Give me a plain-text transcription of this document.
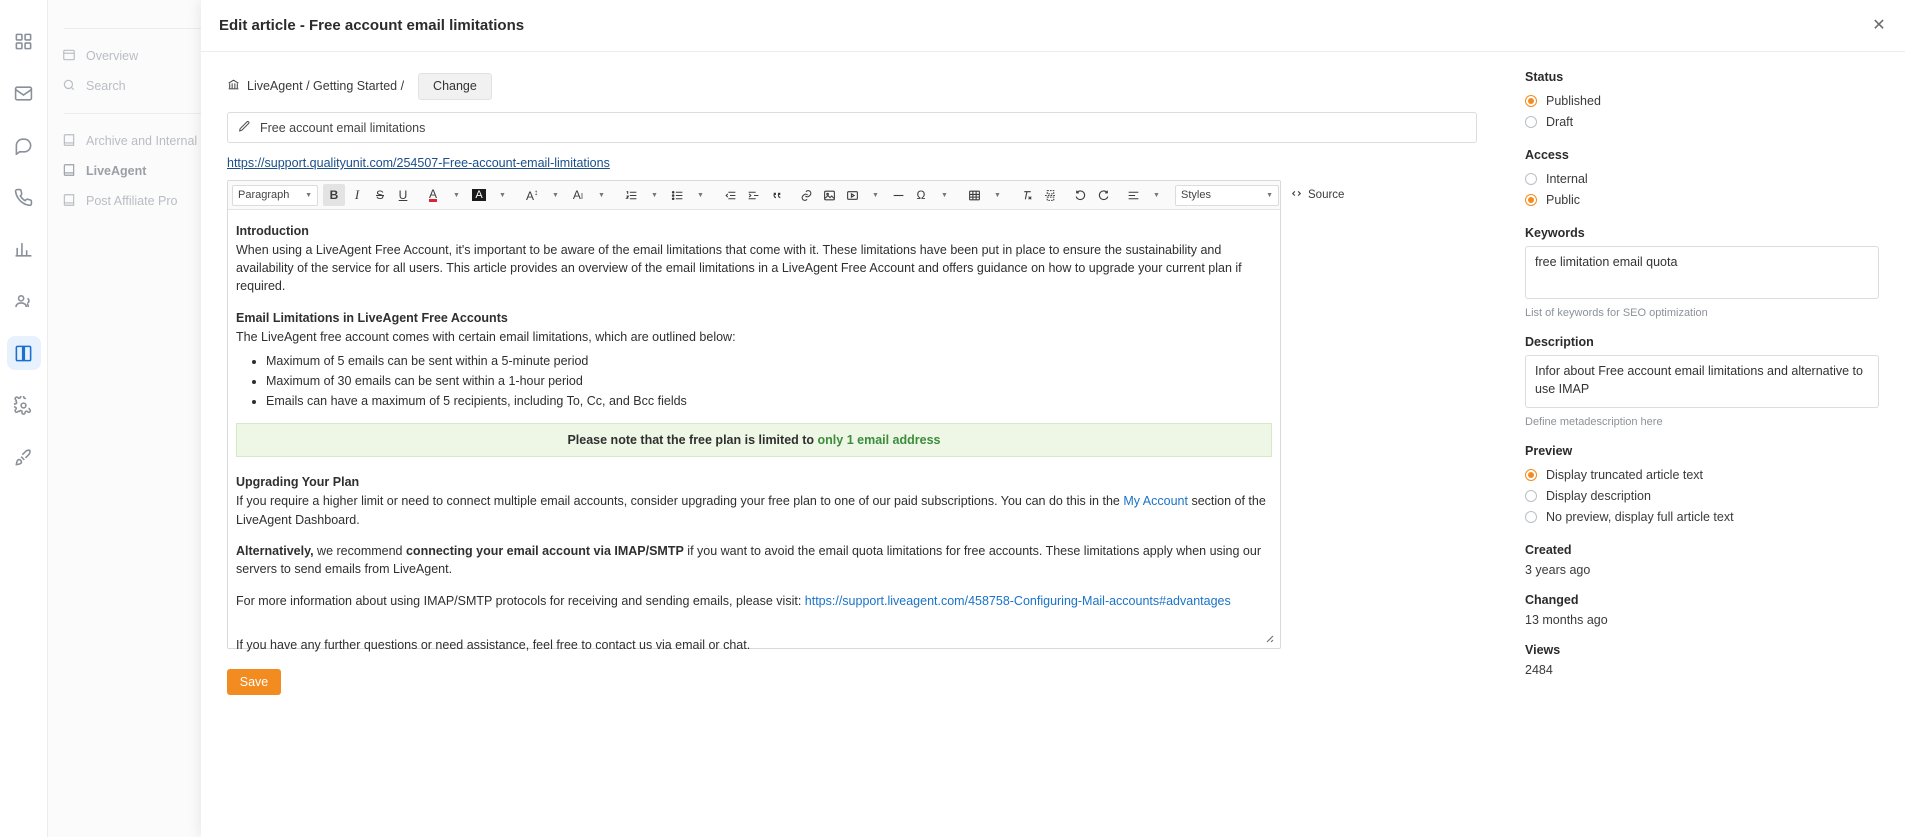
Overview
Search
Archive and Internal
LiveAgent
Post Affiliate Pro
Edit article - Free account email limitations	✕
LiveAgent / Getting Started /	Change
Free account email limitations
https://support.qualityunit.com/254507-Free-account-email-limitations
Paragraph ▼ B I S U A ▼ A	▼ A↕ ▼ AI ▼	▼	▼	▼	Ω ▼	▼	▼ Styles	▼	Source

Introduction

When using a LiveAgent Free Account, it's important to be aware of the email limitations that come with it. These limitations have been put in place to ensure the sustainability and availability of the service for all users. This article provides an overview of the email limitations in a LiveAgent Free Account and offers guidance on how to upgrade your current plan if required.

Email Limitations in LiveAgent Free Accounts

The LiveAgent free account comes with certain email limitations, which are outlined below:

• Maximum of 5 emails can be sent within a 5-minute period
• Maximum of 30 emails can be sent within a 1-hour period
• Emails can have a maximum of 5 recipients, including To, Cc, and Bcc fields
Please note that the free plan is limited to only 1 email address

Upgrading Your Plan

If you require a higher limit or need to connect multiple email accounts, consider upgrading your free plan to one of our paid subscriptions. You can do this in the My Account section of the LiveAgent Dashboard.

Alternatively, we recommend connecting your email account via IMAP/SMTP if you want to avoid the email quota limitations for free accounts. These limitations apply when using our servers to send emails from LiveAgent.

For more information about using IMAP/SMTP protocols for receiving and sending emails, please visit: https://support.liveagent.com/458758-Configuring-Mail-accounts#advantages

If you have any further questions or need assistance, feel free to contact us via email or chat.

Save
Status
Published
Draft
Access
Internal
Public
Keywords
free limitation email quota
List of keywords for SEO optimization
Description
Infor about Free account email limitations and alternative to use IMAP
Define metadescription here
Preview
Display truncated article text
Display description
No preview, display full article text
Created
3 years ago
Changed
13 months ago
Views
2484
